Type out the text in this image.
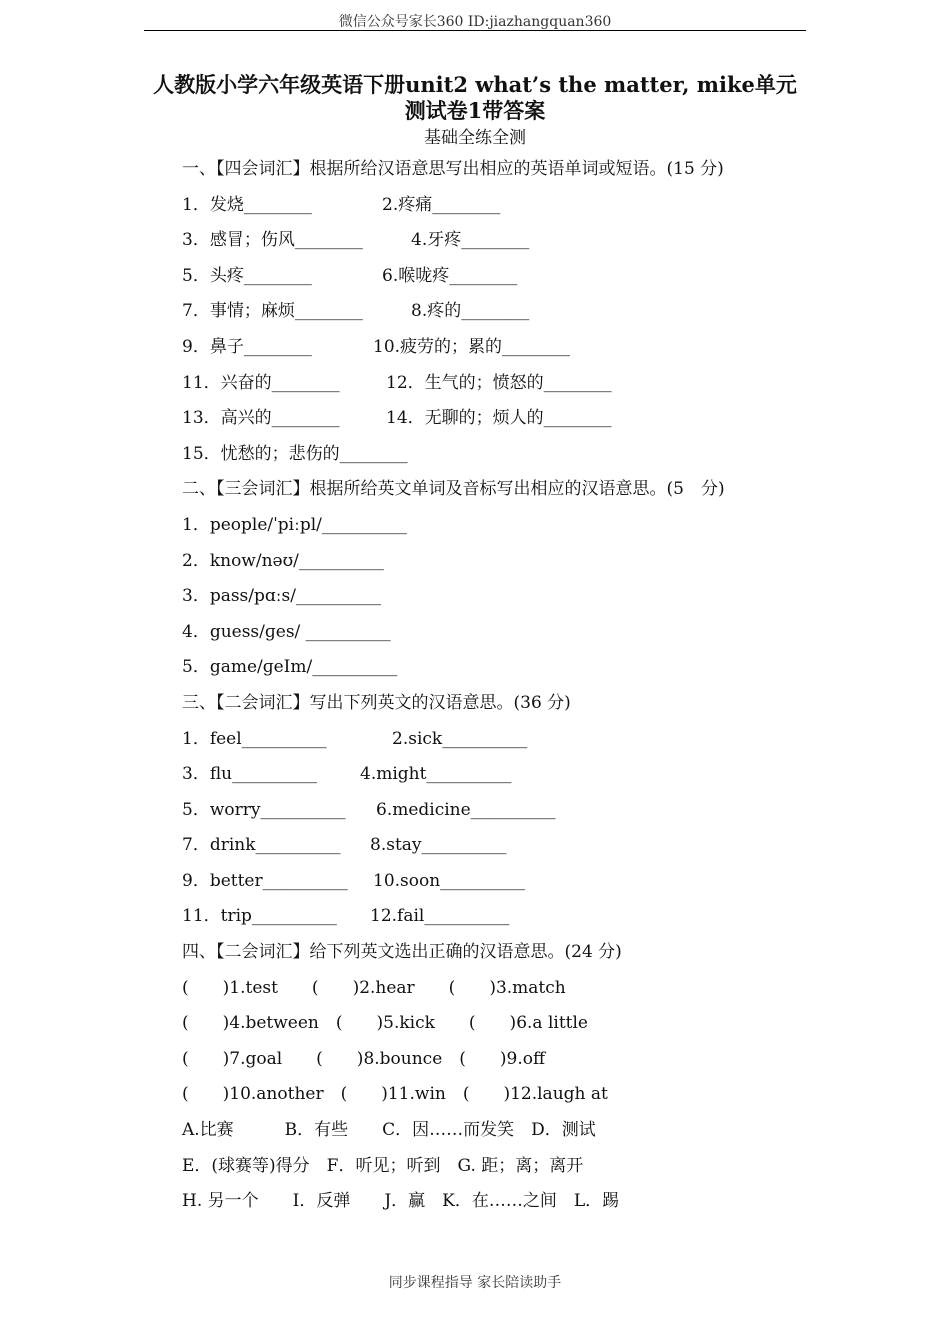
微信公众号家长360 ID:jiazhangquan360
人教版小学六年级英语下册unit2 what’s the matter, mike单元
测试卷1带答案
基础全练全测
一、【四会词汇】根据所给汉语意思写出相应的英语单词或短语。(15 分)
1．发烧________	2.疼痛________
3．感冒；伤风________	4.牙疼________
5．头疼________	6.喉咙疼________
7．事情；麻烦________	8.疼的________
9．鼻子________	10.疲劳的；累的________
11．兴奋的________	12．生气的；愤怒的________
13．高兴的________	14．无聊的；烦人的________
15．忧愁的；悲伤的________
二、【三会词汇】根据所给英文单词及音标写出相应的汉语意思。(5　分)
1．people/ˈpiːpl/__________
2．know/nəʊ/__________
3．pass/pɑːs/__________
4．guess/ɡes/ __________
5．game/ɡeIm/__________
三、【二会词汇】写出下列英文的汉语意思。(36 分)
1．feel__________	2.sick__________
3．flu__________	4.might__________
5．worry__________ 6.medicine__________
7．drink__________ 8.stay__________
9．better__________ 10.soon__________
11．trip__________ 12.fail__________
四、【二会词汇】给下列英文选出正确的汉语意思。(24 分)
(　　)1.test　　(　　)2.hear　　(　　)3.match
(　　)4.between　(　　)5.kick　　(　　)6.a little
(　　)7.goal　　(　　)8.bounce　(　　)9.off
(　　)10.another　(　　)11.win　(　　)12.laugh at
A.比赛　　　B．有些　　C．因……而发笑　D．测试
E．(球赛等)得分　F．听见；听到　G. 距；离；离开
H. 另一个　　I．反弹　　J．赢　K．在……之间　L．踢
同步课程指导 家长陪读助手
